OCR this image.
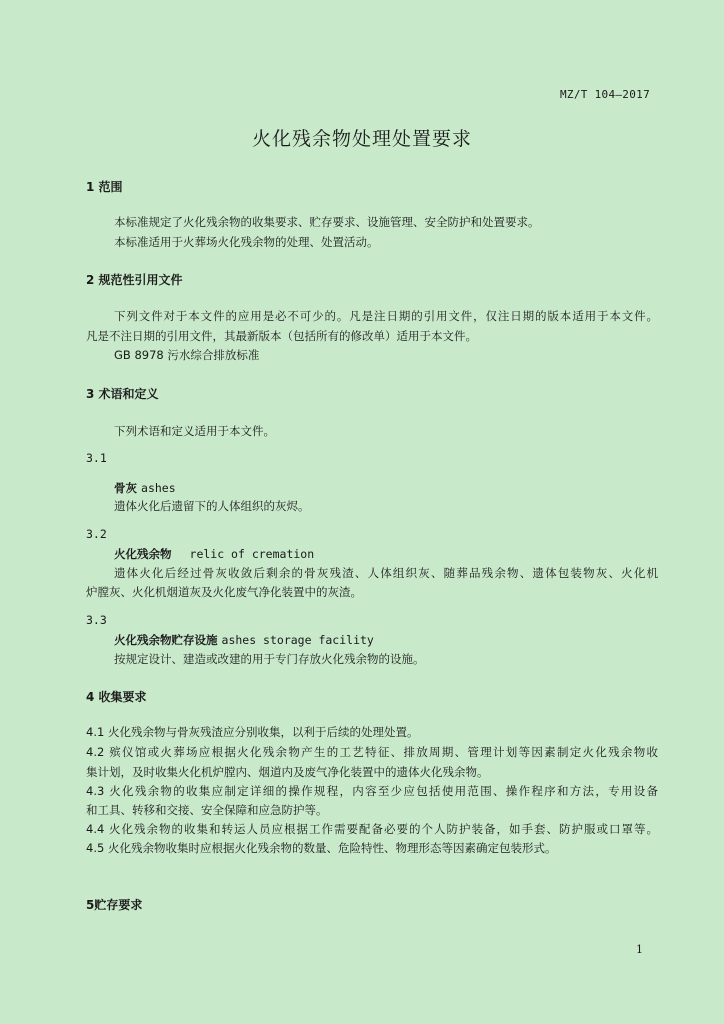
MZ/T 104—2017
火化残余物处理处置要求
1 范围
本标准规定了火化残余物的收集要求、贮存要求、设施管理、安全防护和处置要求。
本标准适用于火葬场火化残余物的处理、处置活动。
2 规范性引用文件
下列文件对于本文件的应用是必不可少的。凡是注日期的引用文件，仅注日期的版本适用于本文件。
凡是不注日期的引用文件，其最新版本（包括所有的修改单）适用于本文件。
GB 8978 污水综合排放标准
3 术语和定义
下列术语和定义适用于本文件。
3.1
骨灰 ashes
遗体火化后遗留下的人体组织的灰烬。
3.2
火化残余物 relic of cremation
遗体火化后经过骨灰收敛后剩余的骨灰残渣、人体组织灰、随葬品残余物、遗体包装物灰、火化机
炉膛灰、火化机烟道灰及火化废气净化装置中的灰渣。
3.3
火化残余物贮存设施 ashes storage facility
按规定设计、建造或改建的用于专门存放火化残余物的设施。
4 收集要求
4.1 火化残余物与骨灰残渣应分别收集，以利于后续的处理处置。
4.2 殡仪馆或火葬场应根据火化残余物产生的工艺特征、排放周期、管理计划等因素制定火化残余物收
集计划，及时收集火化机炉膛内、烟道内及废气净化装置中的遗体火化残余物。
4.3 火化残余物的收集应制定详细的操作规程，内容至少应包括使用范围、操作程序和方法，专用设备
和工具、转移和交接、安全保障和应急防护等。
4.4 火化残余物的收集和转运人员应根据工作需要配备必要的个人防护装备，如手套、防护服或口罩等。
4.5 火化残余物收集时应根据火化残余物的数量、危险特性、物理形态等因素确定包装形式。
5贮存要求
1
